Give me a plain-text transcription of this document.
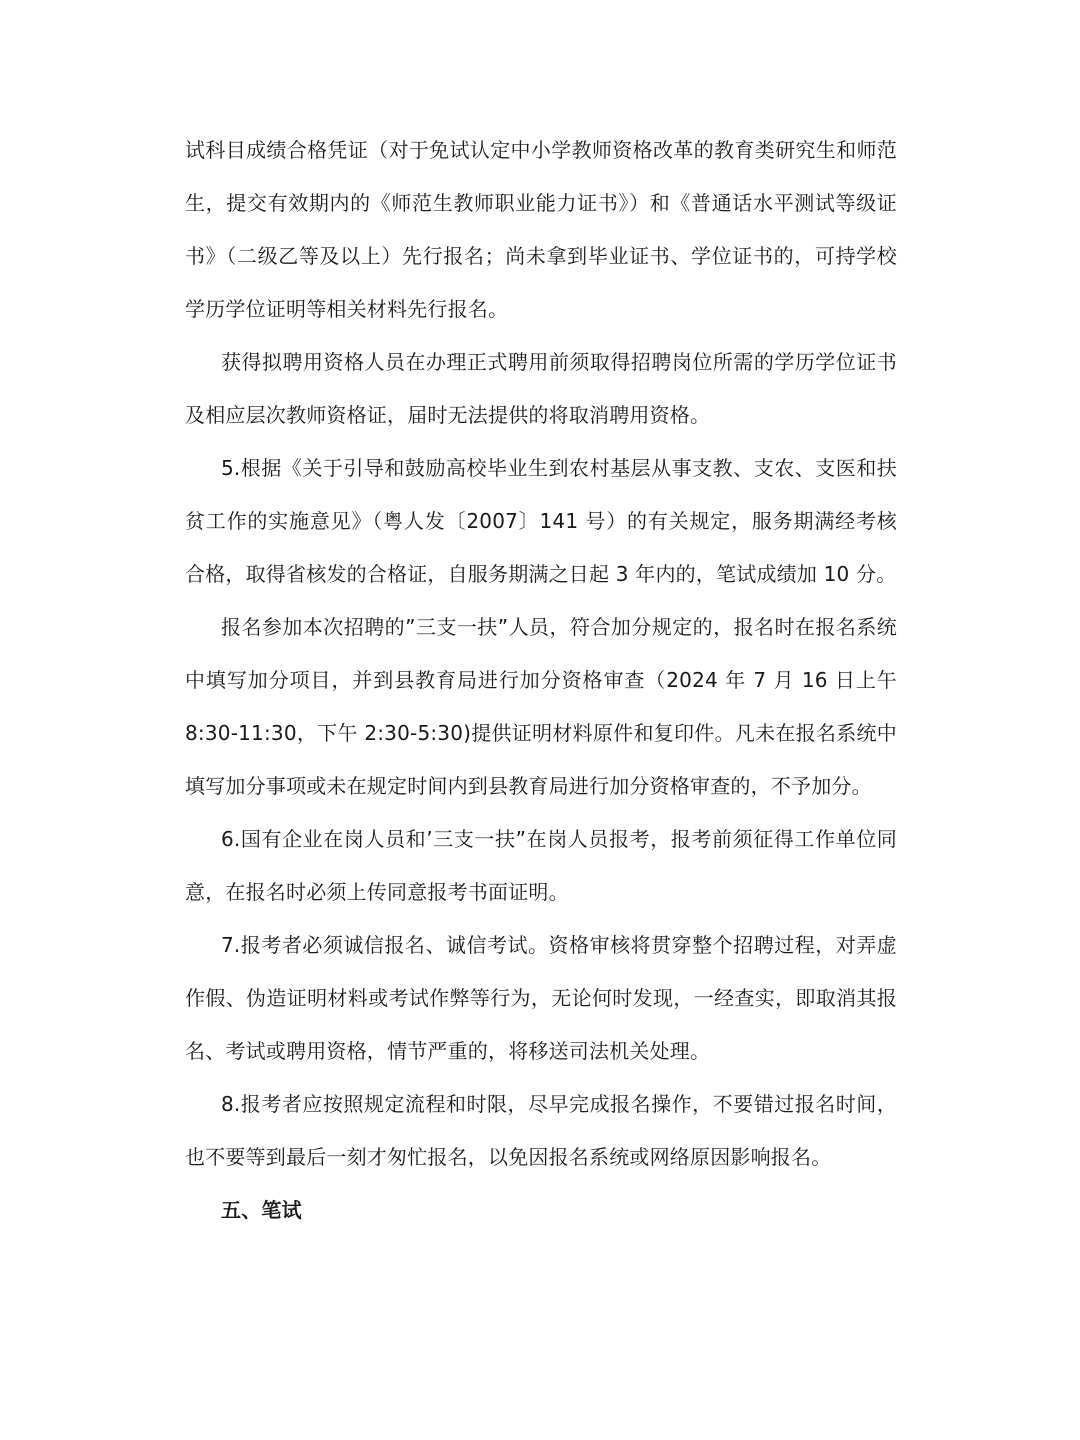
试科目成绩合格凭证（对于免试认定中小学教师资格改革的教育类研究生和师范生，提交有效期内的《师范生教师职业能力证书》）和《普通话水平测试等级证书》（二级乙等及以上）先行报名；尚未拿到毕业证书、学位证书的，可持学校学历学位证明等相关材料先行报名。

获得拟聘用资格人员在办理正式聘用前须取得招聘岗位所需的学历学位证书及相应层次教师资格证，届时无法提供的将取消聘用资格。

5.根据《关于引导和鼓励高校毕业生到农村基层从事支教、支农、支医和扶贫工作的实施意见》（粤人发〔2007〕141 号）的有关规定，服务期满经考核合格，取得省核发的合格证，自服务期满之日起 3 年内的，笔试成绩加 10 分。

报名参加本次招聘的”三支一扶”人员，符合加分规定的，报名时在报名系统中填写加分项目，并到县教育局进行加分资格审查（2024 年 7 月 16 日上午 8:30-11:30，下午 2:30-5:30)提供证明材料原件和复印件。凡未在报名系统中填写加分事项或未在规定时间内到县教育局进行加分资格审查的，不予加分。

6.国有企业在岗人员和’三支一扶”在岗人员报考，报考前须征得工作单位同意，在报名时必须上传同意报考书面证明。

7.报考者必须诚信报名、诚信考试。资格审核将贯穿整个招聘过程，对弄虚作假、伪造证明材料或考试作弊等行为，无论何时发现，一经查实，即取消其报名、考试或聘用资格，情节严重的，将移送司法机关处理。

8.报考者应按照规定流程和时限，尽早完成报名操作，不要错过报名时间，也不要等到最后一刻才匆忙报名，以免因报名系统或网络原因影响报名。

五、笔试
